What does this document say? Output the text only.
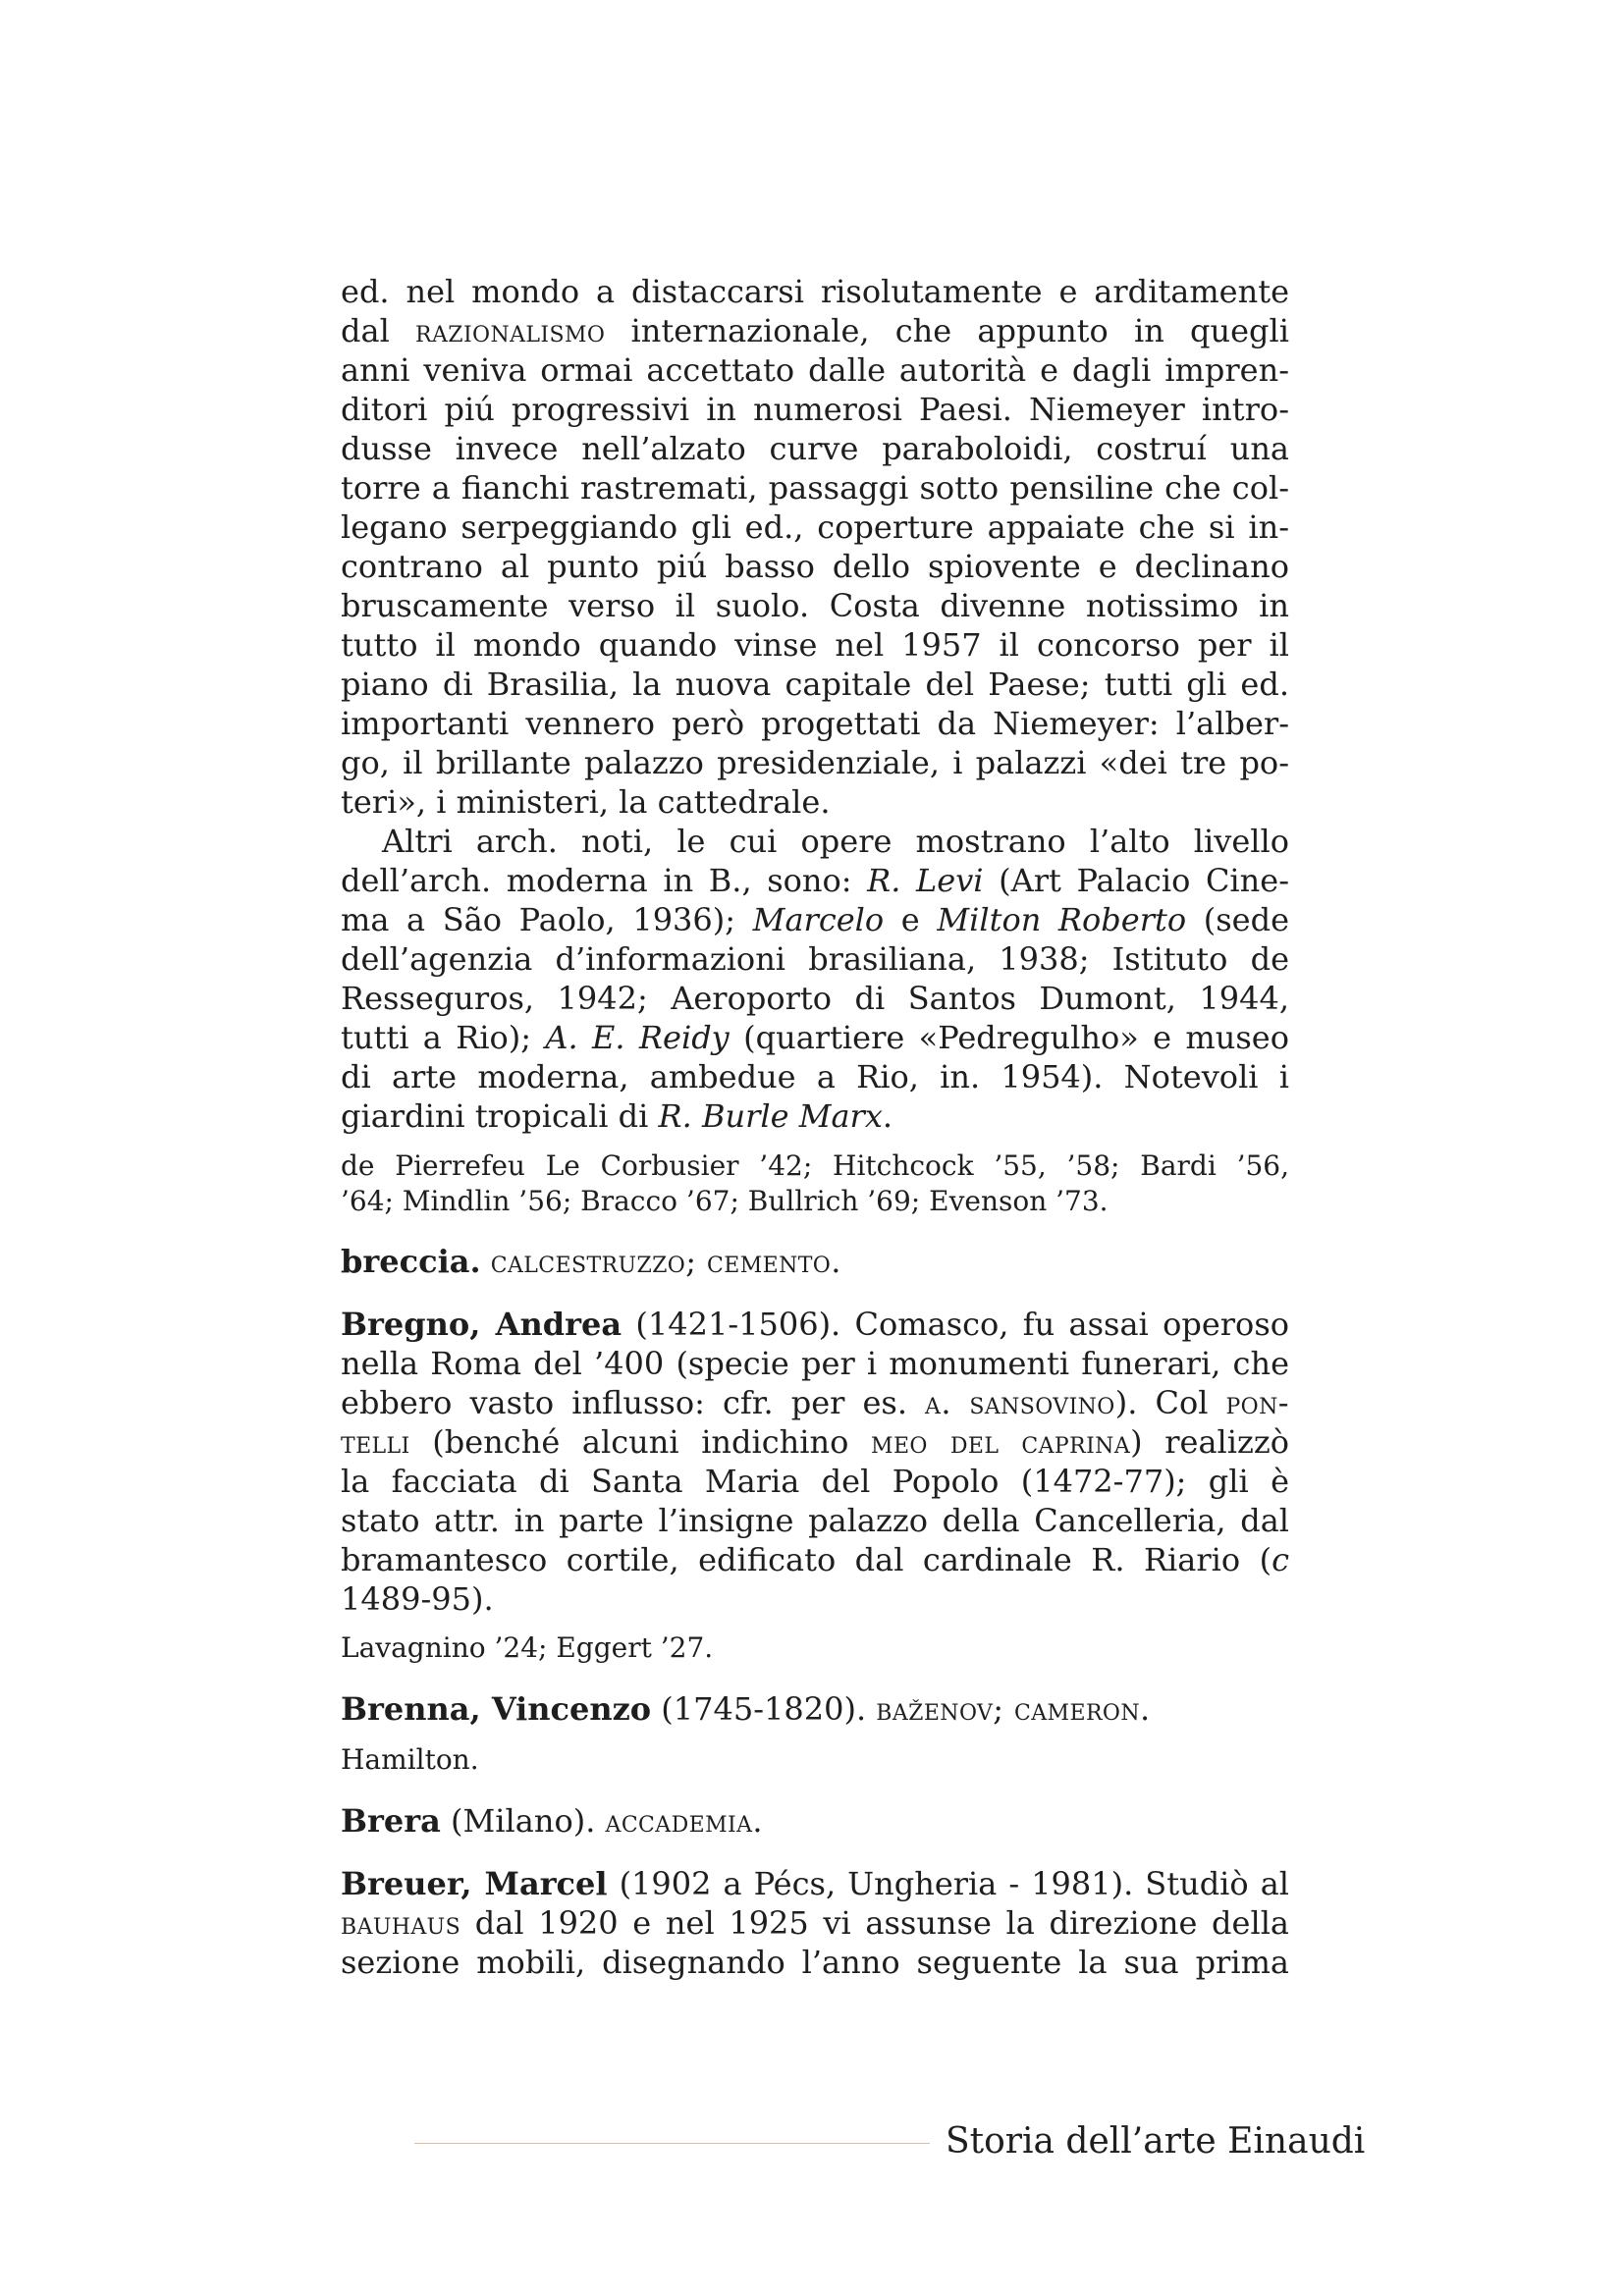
ed. nel mondo a distaccarsi risolutamente e arditamente

dal razionalismo internazionale, che appunto in quegli

anni veniva ormai accettato dalle autorità e dagli impren-

ditori piú progressivi in numerosi Paesi. Niemeyer intro-

dusse invece nell’alzato curve paraboloidi, costruí una

torre a fianchi rastremati, passaggi sotto pensiline che col-

legano serpeggiando gli ed., coperture appaiate che si in-

contrano al punto piú basso dello spiovente e declinano

bruscamente verso il suolo. Costa divenne notissimo in

tutto il mondo quando vinse nel 1957 il concorso per il

piano di Brasilia, la nuova capitale del Paese; tutti gli ed.

importanti vennero però progettati da Niemeyer: l’alber-

go, il brillante palazzo presidenziale, i palazzi «dei tre po-

teri», i ministeri, la cattedrale.

Altri arch. noti, le cui opere mostrano l’alto livello

dell’arch. moderna in B., sono: R. Levi (Art Palacio Cine-

ma a São Paolo, 1936); Marcelo e Milton Roberto (sede

dell’agenzia d’informazioni brasiliana, 1938; Istituto de

Resseguros, 1942; Aeroporto di Santos Dumont, 1944,

tutti a Rio); A. E. Reidy (quartiere «Pedregulho» e museo

di arte moderna, ambedue a Rio, in. 1954). Notevoli i

giardini tropicali di R. Burle Marx.

de Pierrefeu Le Corbusier ’42; Hitchcock ’55, ’58; Bardi ’56,

’64; Mindlin ’56; Bracco ’67; Bullrich ’69; Evenson ’73.

breccia. calcestruzzo; cemento.

Bregno, Andrea (1421-1506). Comasco, fu assai operoso

nella Roma del ’400 (specie per i monumenti funerari, che

ebbero vasto influsso: cfr. per es. a. sansovino). Col pon-

telli (benché alcuni indichino meo del caprina) realizzò

la facciata di Santa Maria del Popolo (1472-77); gli è

stato attr. in parte l’insigne palazzo della Cancelleria, dal

bramantesco cortile, edificato dal cardinale R. Riario (c

1489-95).

Lavagnino ’24; Eggert ’27.

Brenna, Vincenzo (1745-1820). baženov; cameron.

Hamilton.

Brera (Milano). accademia.

Breuer, Marcel (1902 a Pécs, Ungheria - 1981). Studiò al

bauhaus dal 1920 e nel 1925 vi assunse la direzione della

sezione mobili, disegnando l’anno seguente la sua prima

Storia dell’arte Einaudi
